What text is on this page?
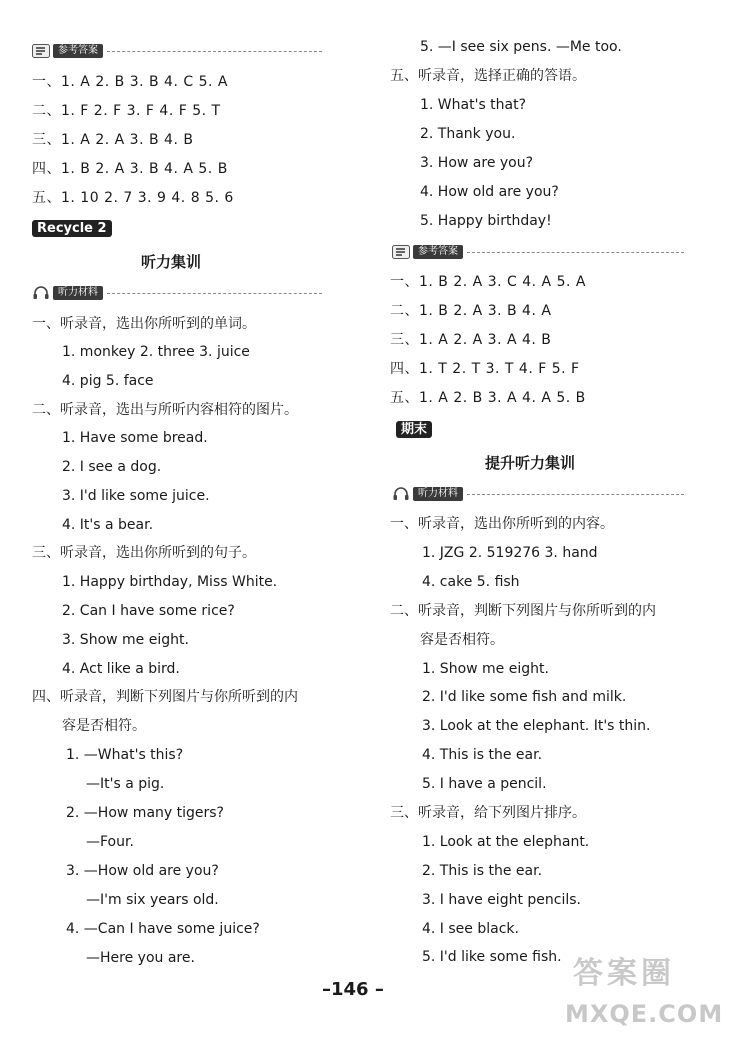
参考答案
一、1. A 2. B 3. B 4. C 5. A
二、1. F 2. F 3. F 4. F 5. T
三、1. A 2. A 3. B 4. B
四、1. B 2. A 3. B 4. A 5. B
五、1. 10 2. 7 3. 9 4. 8 5. 6
Recycle 2
听力集训
听力材料
一、听录音，选出你所听到的单词。
1. monkey 2. three 3. juice
4. pig 5. face
二、听录音，选出与所听内容相符的图片。
1. Have some bread.
2. I see a dog.
3. I'd like some juice.
4. It's a bear.
三、听录音，选出你所听到的句子。
1. Happy birthday, Miss White.
2. Can I have some rice?
3. Show me eight.
4. Act like a bird.
四、听录音，判断下列图片与你所听到的内
容是否相符。
1. —What's this?
—It's a pig.
2. —How many tigers?
—Four.
3. —How old are you?
—I'm six years old.
4. —Can I have some juice?
—Here you are.
5. —I see six pens. —Me too.
五、听录音，选择正确的答语。
1. What's that?
2. Thank you.
3. How are you?
4. How old are you?
5. Happy birthday!
参考答案
一、1. B 2. A 3. C 4. A 5. A
二、1. B 2. A 3. B 4. A
三、1. A 2. A 3. A 4. B
四、1. T 2. T 3. T 4. F 5. F
五、1. A 2. B 3. A 4. A 5. B
期末
提升听力集训
听力材料
一、听录音，选出你所听到的内容。
1. JZG 2. 519276 3. hand
4. cake 5. fish
二、听录音，判断下列图片与你所听到的内
容是否相符。
1. Show me eight.
2. I'd like some fish and milk.
3. Look at the elephant. It's thin.
4. This is the ear.
5. I have a pencil.
三、听录音，给下列图片排序。
1. Look at the elephant.
2. This is the ear.
3. I have eight pencils.
4. I see black.
5. I'd like some fish.
–146 –	答案圈
MXQE.COM
